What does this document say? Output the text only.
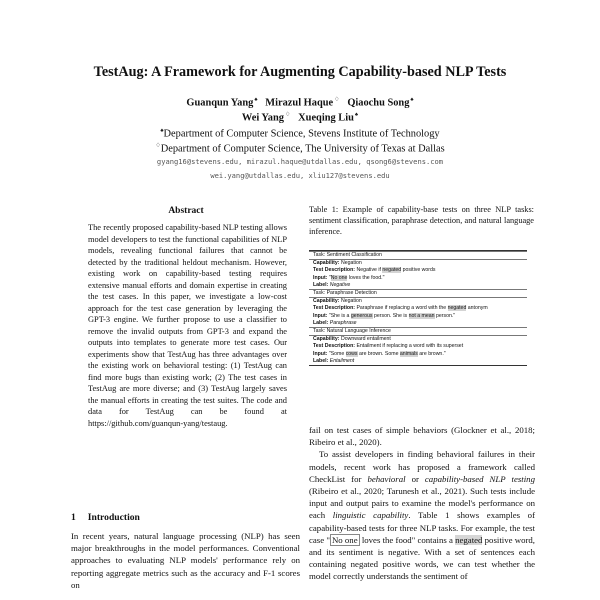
TestAug: A Framework for Augmenting Capability-based NLP Tests
Guanqun Yang♠ Mirazul Haque♢ Qiaochu Song♠
Wei Yang♢ Xueqing Liu♠
♠Department of Computer Science, Stevens Institute of Technology
♢Department of Computer Science, The University of Texas at Dallas
gyang16@stevens.edu, mirazul.haque@utdallas.edu, qsong6@stevens.com
wei.yang@utdallas.edu, xliu127@stevens.edu
Abstract
The recently proposed capability-based NLP testing allows model developers to test the functional capabilities of NLP models, revealing functional failures that cannot be detected by the traditional heldout mechanism. However, existing work on capability-based testing requires extensive manual efforts and domain expertise in creating the test cases. In this paper, we investigate a low-cost approach for the test case generation by leveraging the GPT-3 engine. We further propose to use a classifier to remove the invalid outputs from GPT-3 and expand the outputs into templates to generate more test cases. Our experiments show that TestAug has three advantages over the existing work on behavioral testing: (1) TestAug can find more bugs than existing work; (2) The test cases in TestAug are more diverse; and (3) TestAug largely saves the manual efforts in creating the test suites. The code and data for TestAug can be found at https://github.com/guanqun-yang/testaug.
1 Introduction

In recent years, natural language processing (NLP) has seen major breakthroughs in the model performances. Conventional approaches to evaluating NLP models' performance rely on reporting aggregate metrics such as the accuracy and F-1 scores on

Table 1: Example of capability-base tests on three NLP tasks: sentiment classification, paraphrase detection, and natural language inference.
Task: Sentiment Classification
Capability: Negation
Test Description: Negative if negated positive words
Input: "No one loves the food."
Label: Negative
Task: Paraphrase Detection
Capability: Negation
Test Description: Paraphrase if replacing a word with the negated antonym
Input: "She is a generous person. She is not a mean person."
Label: Paraphrase
Task: Natural Language Inference
Capability: Downward entailment
Test Description: Entailment if replacing a word with its superset
Input: "Some cows are brown. Some animals are brown."
Label: Entailment

fail on test cases of simple behaviors (Glockner et al., 2018; Ribeiro et al., 2020).

To assist developers in finding behavioral failures in their models, recent work has proposed a framework called CheckList for behavioral or capability-based NLP testing (Ribeiro et al., 2020; Tarunesh et al., 2021). Such tests include input and output pairs to examine the model's performance on each linguistic capability. Table 1 shows examples of capability-based tests for three NLP tasks. For example, the test case " No one loves the food" contains a negated positive word, and its sentiment is negative. With a set of sentences each containing negated positive words, we can test whether the model correctly understands the sentiment of
